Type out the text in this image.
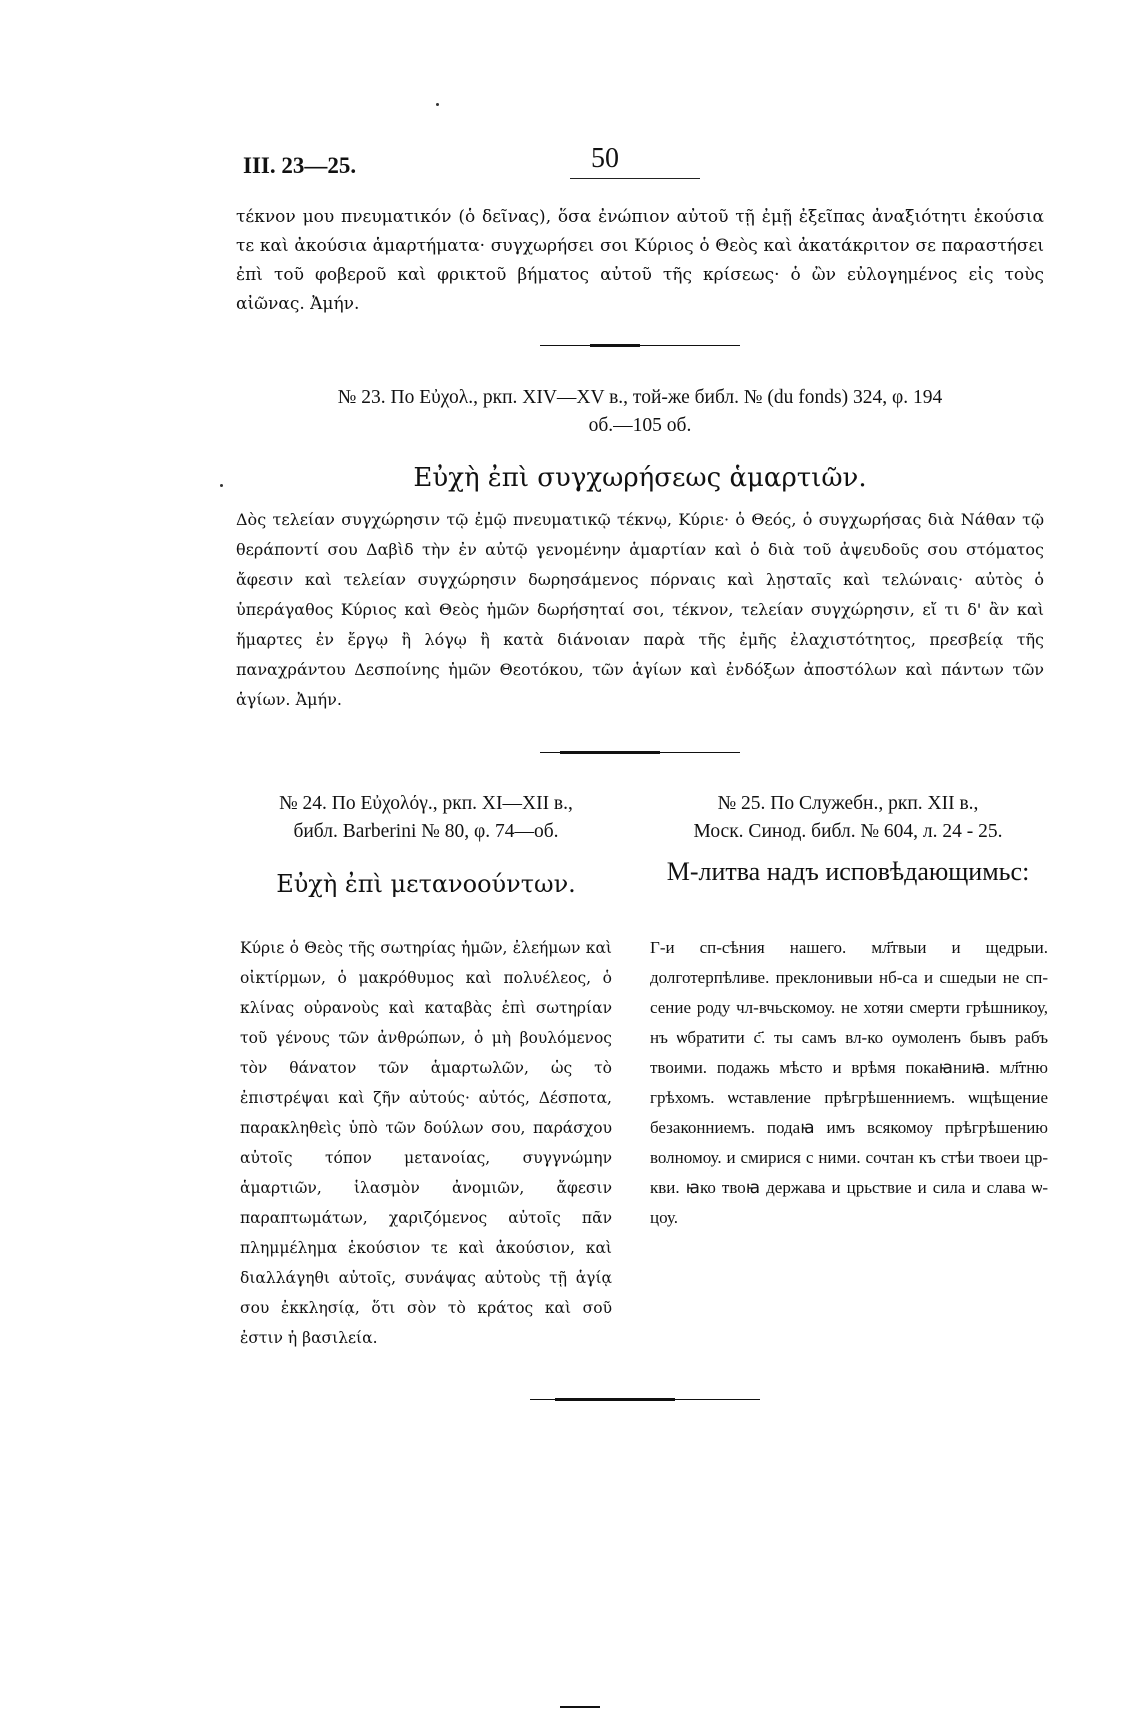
III. 23—25.	50

τέκνον μου πνευματικόν (ὁ δεῖνας), ὅσα ἐνώπιον αὐτοῦ τῇ ἐμῇ ἐξεῖπας ἀναξιότητι ἑκούσια τε καὶ ἀκούσια ἁμαρτήματα· συγχωρήσει σοι Κύριος ὁ Θεὸς καὶ ἀκατάκριτον σε παραστήσει ἐπὶ τοῦ φοβεροῦ καὶ φρικτοῦ βήματος αὐτοῦ τῆς κρίσεως· ὁ ὢν εὐλογημένος εἰς τοὺς αἰῶνας. Ἀμήν.

№ 23. По Εὐχολ., ркп. XIV—XV в., той-же библ. № (du fonds) 324, φ. 194
об.—105 об.
Εὐχὴ ἐπὶ συγχωρήσεως ἁμαρτιῶν.

Δὸς τελείαν συγχώρησιν τῷ ἐμῷ πνευματικῷ τέκνῳ, Κύριε· ὁ Θεός, ὁ συγχωρήσας διὰ Νάθαν τῷ θεράποντί σου Δαβὶδ τὴν ἐν αὐτῷ γενομένην ἁμαρτίαν καὶ ὁ διὰ τοῦ ἀψευδοῦς σου στόματος ἄφεσιν καὶ τελείαν συγχώρησιν δωρησάμενος πόρναις καὶ λῃσταῖς καὶ τελώναις· αὐτὸς ὁ ὑπεράγαθος Κύριος καὶ Θεὸς ἡμῶν δωρήσηταί σοι, τέκνον, τελείαν συγχώρησιν, εἴ τι δ' ἂν καὶ ἥμαρτες ἐν ἔργῳ ἢ λόγῳ ἢ κατὰ διάνοιαν παρὰ τῆς ἐμῆς ἐλαχιστότητος, πρεσβείᾳ τῆς παναχράντου Δεσποίνης ἡμῶν Θεοτόκου, τῶν ἁγίων καὶ ἐνδόξων ἀποστόλων καὶ πάντων τῶν ἁγίων. Ἀμήν.

№ 24. По Εὐχολόγ., ркп. XI—XII в.,
библ. Barberini № 80, φ. 74—об.
Εὐχὴ ἐπὶ μετανοούντων.

Κύριε ὁ Θεὸς τῆς σωτηρίας ἡμῶν, ἐλεήμων καὶ οἰκτίρμων, ὁ μακρόθυμος καὶ πολυέλεος, ὁ κλίνας οὐρανοὺς καὶ καταβὰς ἐπὶ σωτηρίαν τοῦ γένους τῶν ἀνθρώπων, ὁ μὴ βουλόμενος τὸν θάνατον τῶν ἁμαρτωλῶν, ὡς τὸ ἐπιστρέψαι καὶ ζῆν αὐτούς· αὐτός, Δέσποτα, παρακληθεὶς ὑπὸ τῶν δούλων σου, παράσχου αὐτοῖς τόπον μετανοίας, συγγνώμην ἁμαρτιῶν, ἱλασμὸν ἀνομιῶν, ἄφεσιν παραπτωμάτων, χαριζόμενος αὐτοῖς πᾶν πλημμέλημα ἑκούσιον τε καὶ ἀκούσιον, καὶ διαλλάγηθι αὐτοῖς, συνάψας αὐτοὺς τῇ ἁγίᾳ σου ἐκκλησίᾳ, ὅτι σὸν τὸ κράτος καὶ σοῦ ἐστιν ἡ βασιλεία.

№ 25. По Служебн., ркп. XII в.,
Моск. Синод. библ. № 604, л. 24 - 25.
М-литва надъ исповѣдающимьс:

Г-и сп-сѣния нашего. мл҃твыи и щедрыи. долготерпѣливе. преклонивыи нб-са и сшедыи не сп-сение роду чл-вчьскомоу. не хотяи смерти грѣшникоу, нъ ѡбратити с҃. ты самъ вл-ко оумоленъ бывъ рабъ твоими. подажь мѣсто и врѣмя покаꙗниꙗ. мл҃тню грѣхомъ. ѡставление прѣгрѣшенниемъ. ѡщѣщение безаконниемъ. подаꙗ имъ всякомоу прѣгрѣшению волномоу. и смирися с ними. сочтан къ стѣи твоеи цр-кви. ꙗко твоꙗ держава и црьствие и сила и слава ѡ-цоу.
